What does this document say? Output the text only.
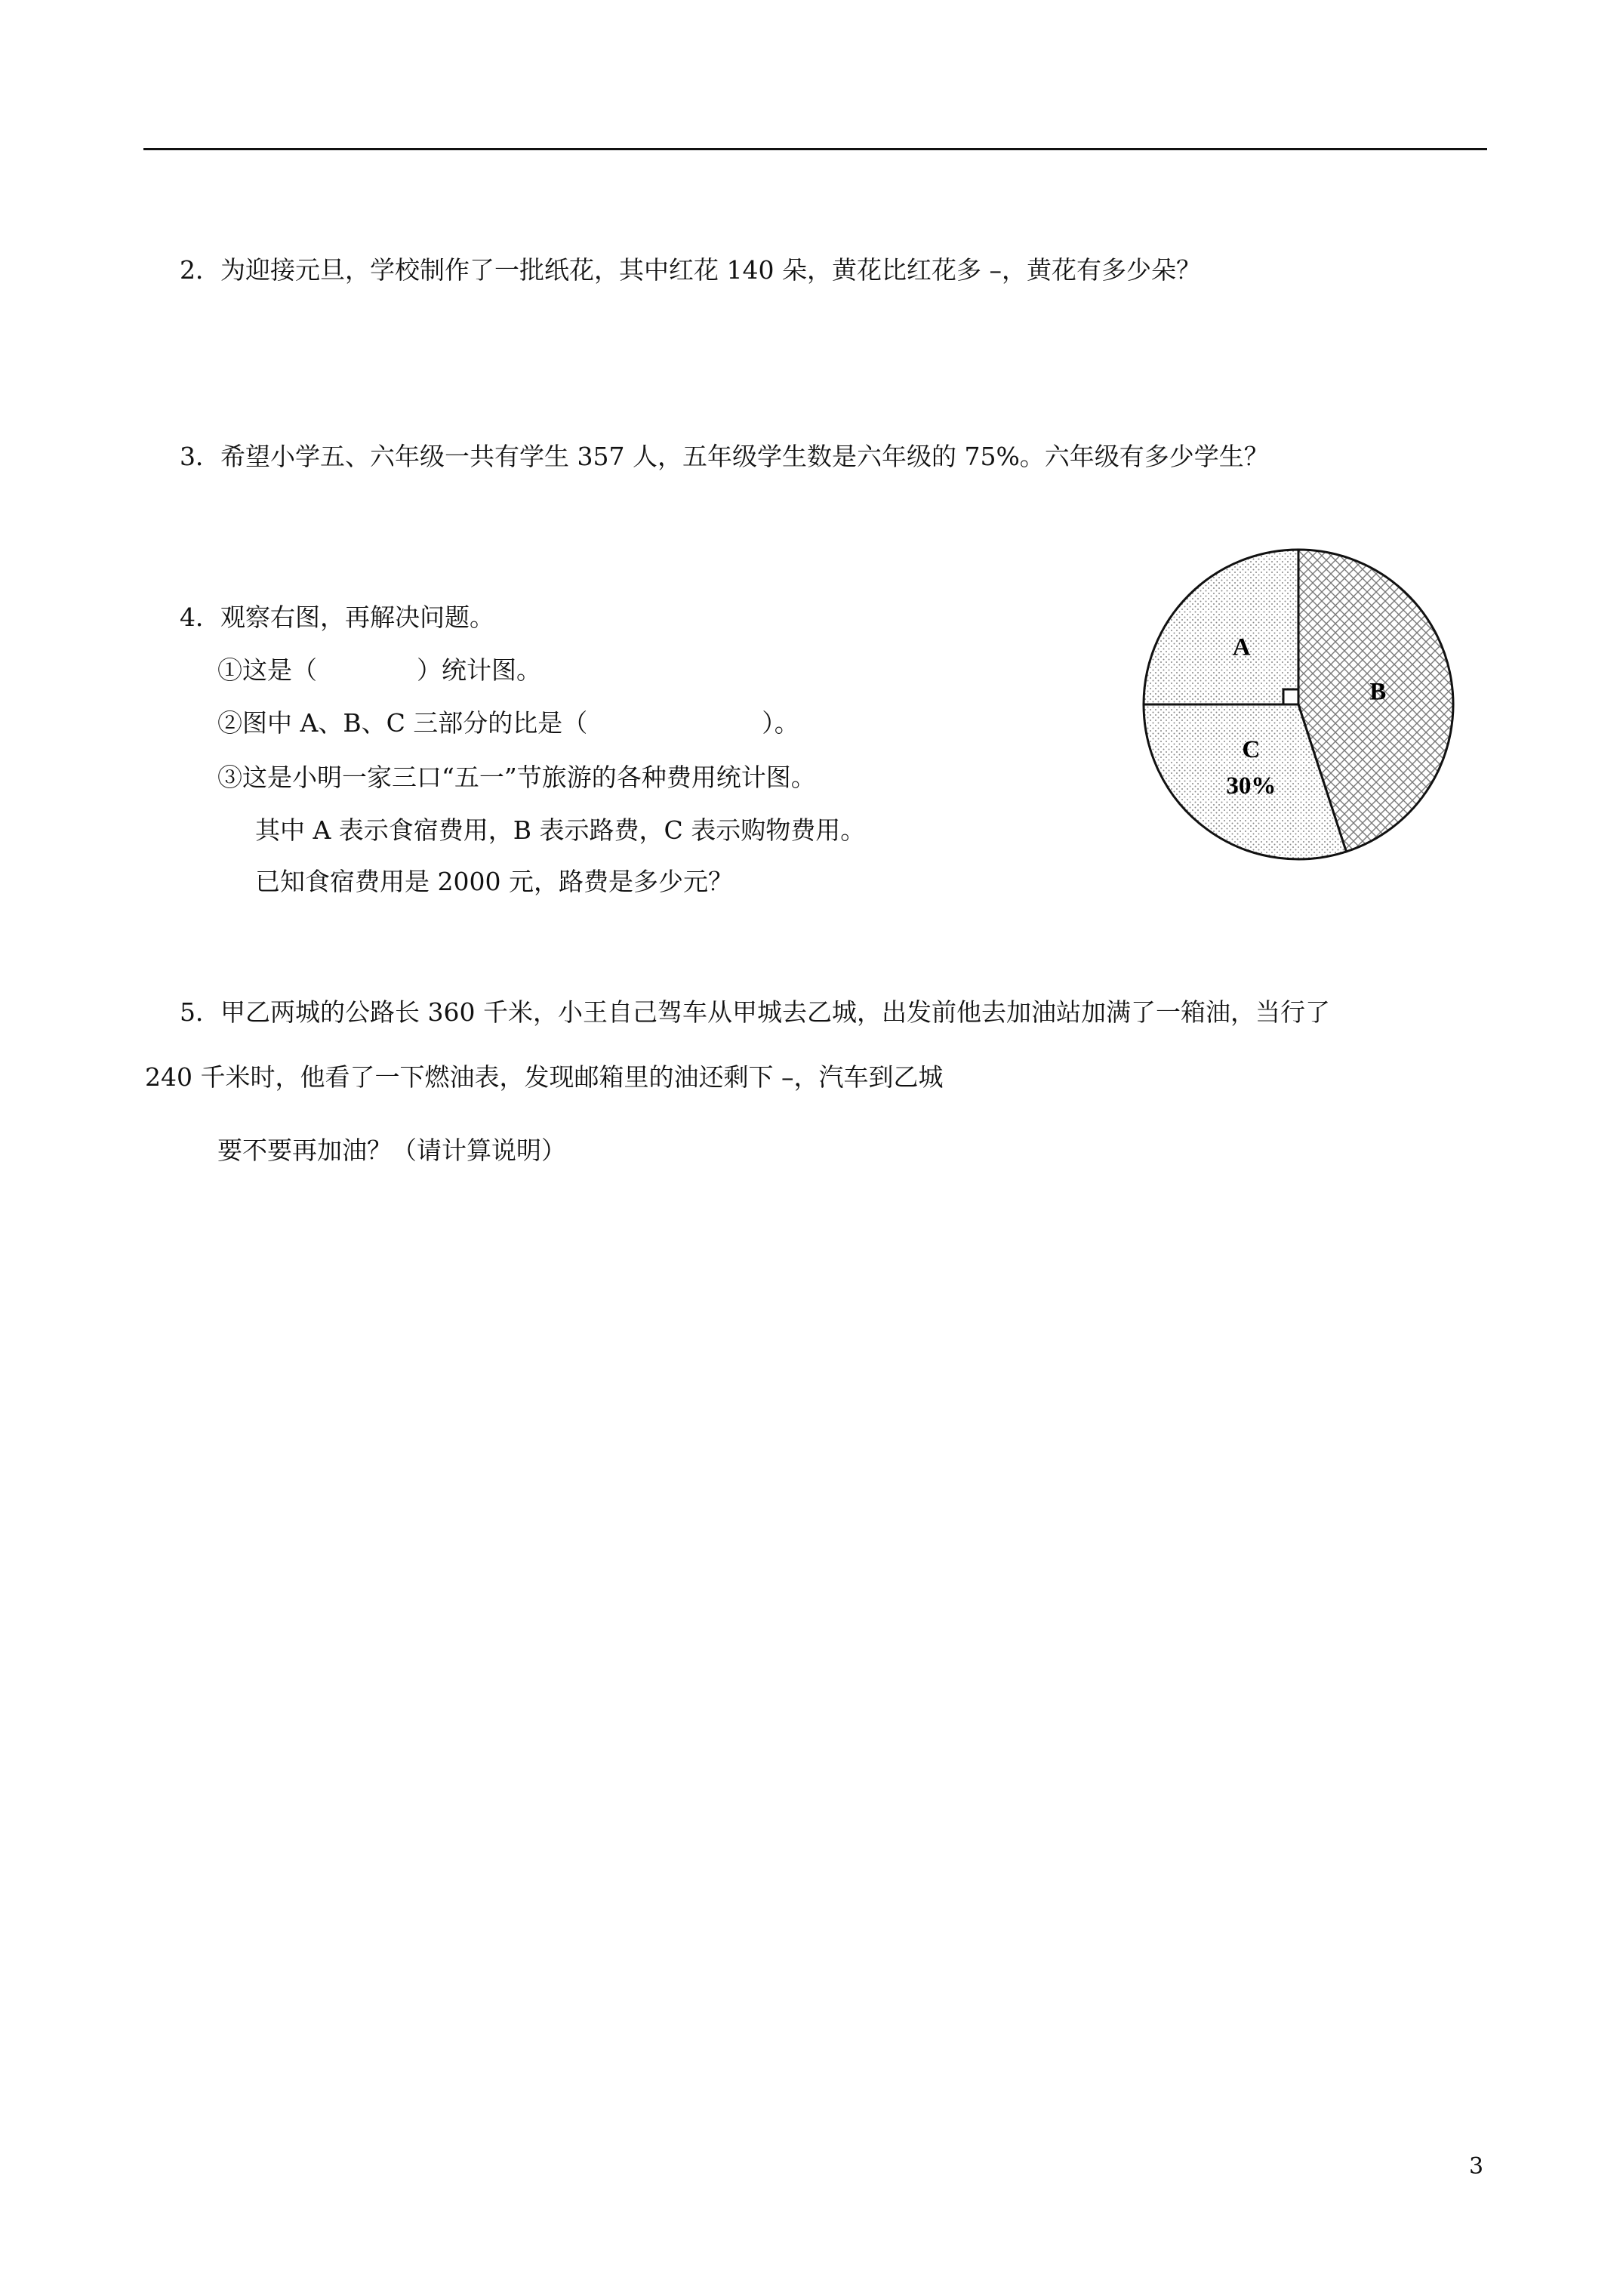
2．为迎接元旦，学校制作了一批纸花，其中红花 140 朵，黄花比红花多 –，黄花有多少朵？
3．希望小学五、六年级一共有学生 357 人，五年级学生数是六年级的 75%。六年级有多少学生？
4．观察右图，再解决问题。
①这是（　　　　）统计图。
②图中 A、B、C 三部分的比是（　　　　　　　）。
③这是小明一家三口“五一”节旅游的各种费用统计图。
其中 A 表示食宿费用，B 表示路费，C 表示购物费用。
已知食宿费用是 2000 元，路费是多少元？
A
B
C
30%
5．甲乙两城的公路长 360 千米，小王自己驾车从甲城去乙城，出发前他去加油站加满了一箱油，当行了
240 千米时，他看了一下燃油表，发现邮箱里的油还剩下 –，汽车到乙城
要不要再加油？（请计算说明）
3
